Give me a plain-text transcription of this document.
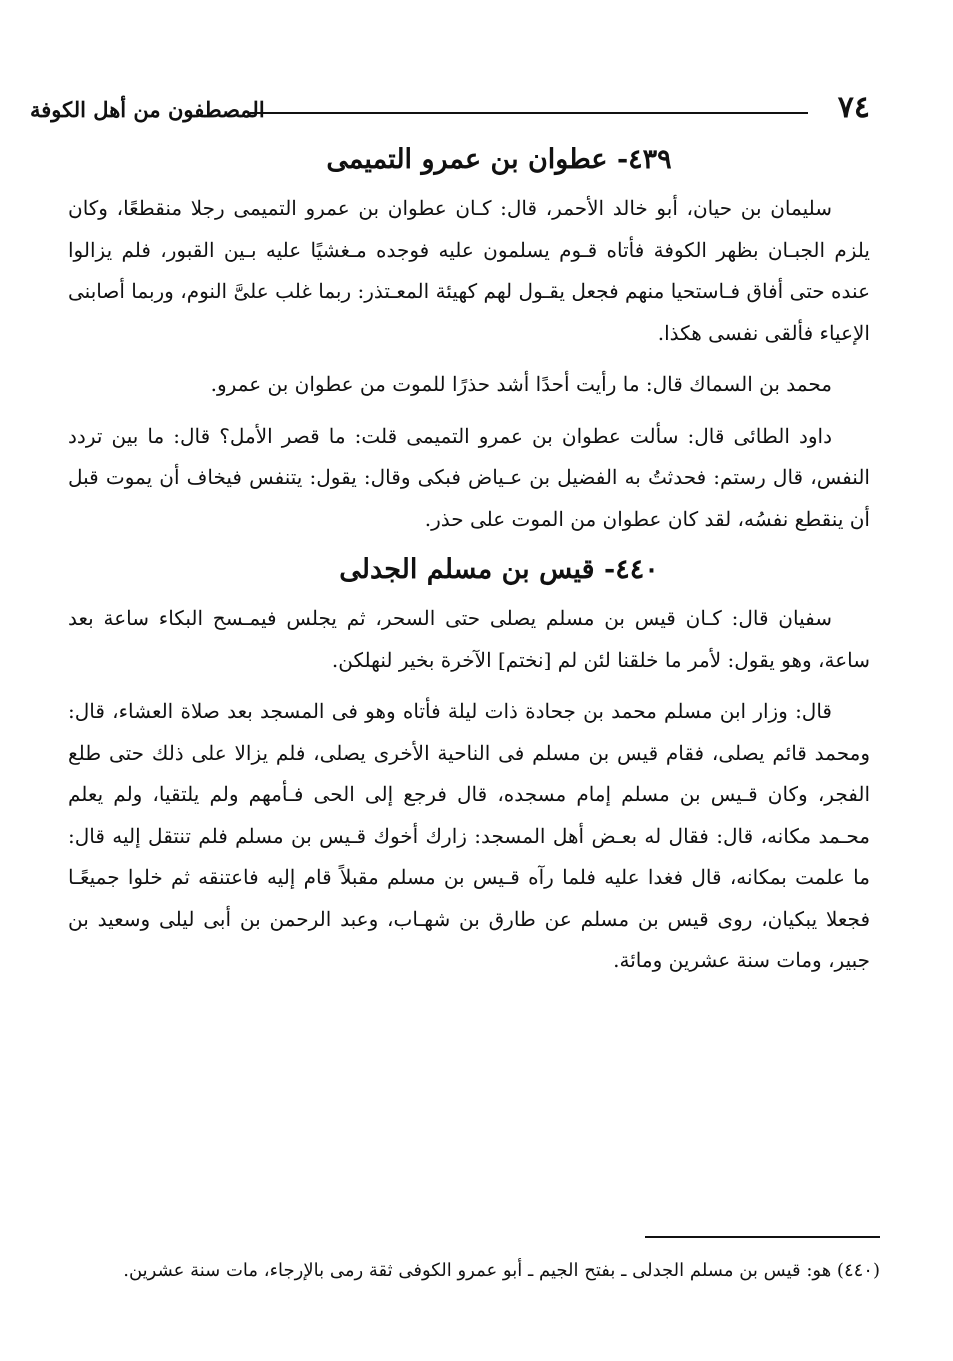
٧٤
المصطفون من أهل الكوفة
٤٣٩- عطوان بن عمرو التميمى

سليمان بن حيان، أبو خالد الأحمر، قال: كـان عطوان بن عمرو التميمى رجلا منقطعًا، وكان يلزم الجبـان بظهر الكوفة فأتاه قـوم يسلمون عليه فوجده مـغشيًا عليه بـين القبور، فلم يزالوا عنده حتى أفاق فـاستحيا منهم فجعل يقـول لهم كهيئة المعـتذر: ربما غلب علىَّ النوم، وربما أصابنى الإعياء فألقى نفسى هكذا.

محمد بن السماك قال: ما رأيت أحدًا أشد حذرًا للموت من عطوان بن عمرو.

داود الطائى قال: سألت عطوان بن عمرو التميمى قلت: ما قصر الأمل؟ قال: ما بين تردد النفس، قال رستم: فحدثتُ به الفضيل بن عـياض فبكى وقال: يقول: يتنفس فيخاف أن يموت قبل أن ينقطع نفسُه، لقد كان عطوان من الموت على حذر.

٤٤٠- قيس بن مسلم الجدلى

سفيان قال: كـان قيس بن مسلم يصلى حتى السحر، ثم يجلس فيمـسح البكاء ساعة بعد ساعة، وهو يقول: لأمر ما خلقنا لئن لم [نختم] الآخرة بخير لنهلكن.

قال: وزار ابن مسلم محمد بن جحادة ذات ليلة فأتاه وهو فى المسجد بعد صلاة العشاء، قال: ومحمد قائم يصلى، فقام قيس بن مسلم فى الناحية الأخرى يصلى، فلم يزالا على ذلك حتى طلع الفجر، وكان قـيس بن مسلم إمام مسجده، قال فرجع إلى الحى فـأمهم ولم يلتقيا، ولم يعلم محـمد مكانه، قال: فقال له بعـض أهل المسجد: زارك أخوك قـيس بن مسلم فلم تنتقل إليه قال: ما علمت بمكانه، قال فغدا عليه فلما رآه قـيس بن مسلم مقبلاً قام إليه فاعتنقه ثم خلوا جميعًـا فجعلا يبكيان، روى قيس بن مسلم عن طارق بن شهـاب، وعبد الرحمن بن أبى ليلى وسعيد بن جبير، ومات سنة عشرين ومائة.

(٤٤٠) هو: قيس بن مسلم الجدلى ـ بفتح الجيم ـ أبو عمرو الكوفى ثقة رمى بالإرجاء، مات سنة عشرين.
